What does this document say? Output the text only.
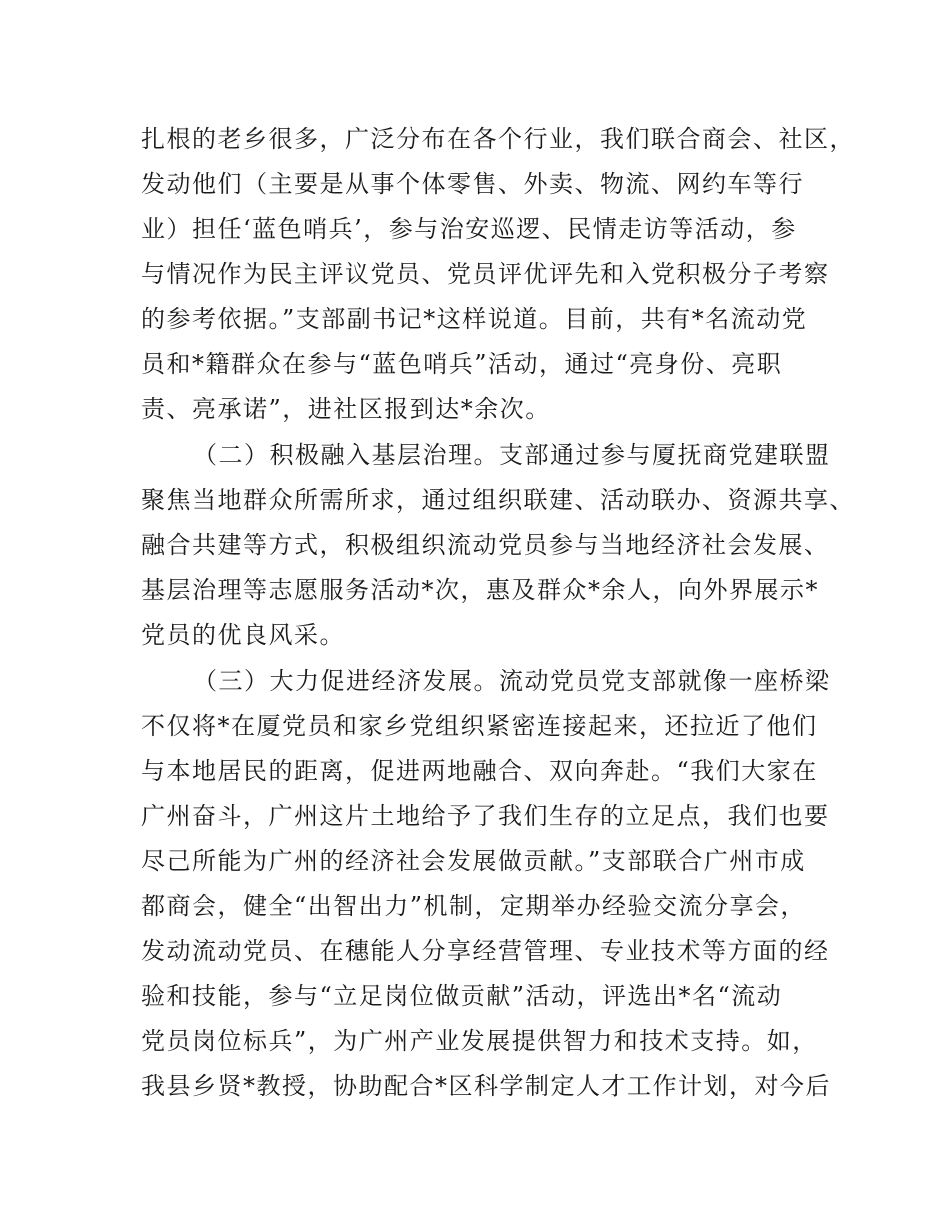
扎根的老乡很多，广泛分布在各个行业，我们联合商会、社区，
发动他们（主要是从事个体零售、外卖、物流、网约车等行
业）担任‘蓝色哨兵’，参与治安巡逻、民情走访等活动，参
与情况作为民主评议党员、党员评优评先和入党积极分子考察
的参考依据。”支部副书记*这样说道。目前，共有*名流动党
员和*籍群众在参与“蓝色哨兵”活动，通过“亮身份、亮职
责、亮承诺”，进社区报到达*余次。
（二）积极融入基层治理。支部通过参与厦抚商党建联盟
聚焦当地群众所需所求，通过组织联建、活动联办、资源共享、
融合共建等方式，积极组织流动党员参与当地经济社会发展、
基层治理等志愿服务活动*次，惠及群众*余人，向外界展示*
党员的优良风采。
（三）大力促进经济发展。流动党员党支部就像一座桥梁
不仅将*在厦党员和家乡党组织紧密连接起来，还拉近了他们
与本地居民的距离，促进两地融合、双向奔赴。“我们大家在
广州奋斗，广州这片土地给予了我们生存的立足点，我们也要
尽己所能为广州的经济社会发展做贡献。”支部联合广州市成
都商会，健全“出智出力”机制，定期举办经验交流分享会，
发动流动党员、在穗能人分享经营管理、专业技术等方面的经
验和技能，参与“立足岗位做贡献”活动，评选出*名“流动
党员岗位标兵”，为广州产业发展提供智力和技术支持。如，
我县乡贤*教授，协助配合*区科学制定人才工作计划，对今后
